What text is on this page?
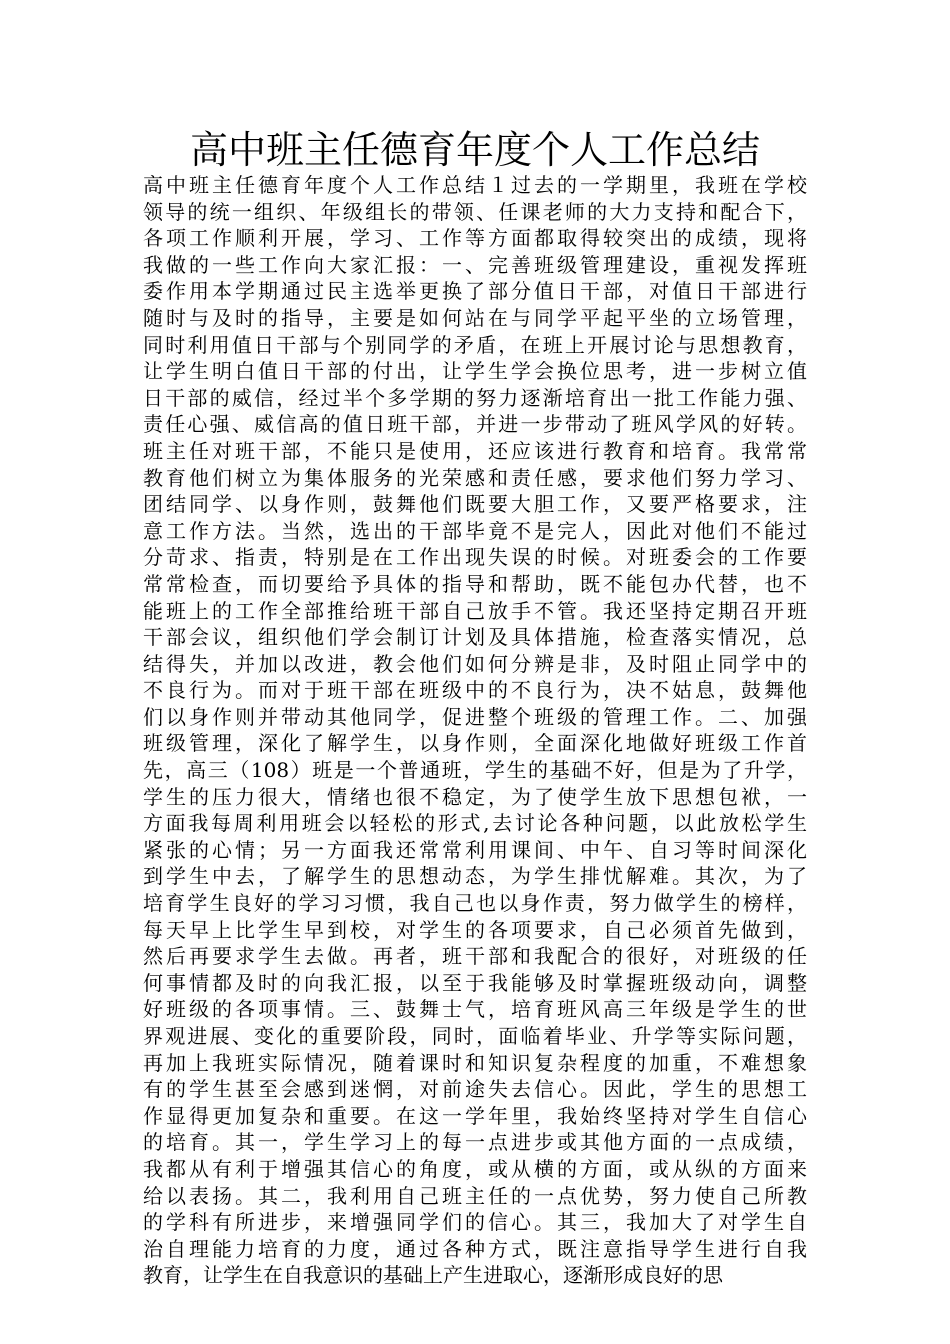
高中班主任德育年度个人工作总结
高中班主任德育年度个人工作总结１过去的一学期里，我班在学校
领导的统一组织、年级组长的带领、任课老师的大力支持和配合下，
各项工作顺利开展，学习、工作等方面都取得较突出的成绩，现将
我做的一些工作向大家汇报：一、完善班级管理建设，重视发挥班
委作用本学期通过民主选举更换了部分值日干部，对值日干部进行
随时与及时的指导，主要是如何站在与同学平起平坐的立场管理，
同时利用值日干部与个别同学的矛盾，在班上开展讨论与思想教育，
让学生明白值日干部的付出，让学生学会换位思考，进一步树立值
日干部的威信，经过半个多学期的努力逐渐培育出一批工作能力强、
责任心强、威信高的值日班干部，并进一步带动了班风学风的好转。
班主任对班干部，不能只是使用，还应该进行教育和培育。我常常
教育他们树立为集体服务的光荣感和责任感，要求他们努力学习、
团结同学、以身作则，鼓舞他们既要大胆工作，又要严格要求，注
意工作方法。当然，选出的干部毕竟不是完人，因此对他们不能过
分苛求、指责，特别是在工作出现失误的时候。对班委会的工作要
常常检查，而切要给予具体的指导和帮助，既不能包办代替，也不
能班上的工作全部推给班干部自己放手不管。我还坚持定期召开班
干部会议，组织他们学会制订计划及具体措施，检查落实情况，总
结得失，并加以改进，教会他们如何分辨是非，及时阻止同学中的
不良行为。而对于班干部在班级中的不良行为，决不姑息，鼓舞他
们以身作则并带动其他同学，促进整个班级的管理工作。二、加强
班级管理，深化了解学生，以身作则，全面深化地做好班级工作首
先，高三（108）班是一个普通班，学生的基础不好，但是为了升学，
学生的压力很大，情绪也很不稳定，为了使学生放下思想包袱，一
方面我每周利用班会以轻松的形式,去讨论各种问题，以此放松学生
紧张的心情；另一方面我还常常利用课间、中午、自习等时间深化
到学生中去，了解学生的思想动态，为学生排忧解难。其次，为了
培育学生良好的学习习惯，我自己也以身作责，努力做学生的榜样，
每天早上比学生早到校，对学生的各项要求，自己必须首先做到，
然后再要求学生去做。再者，班干部和我配合的很好，对班级的任
何事情都及时的向我汇报，以至于我能够及时掌握班级动向，调整
好班级的各项事情。三、鼓舞士气，培育班风高三年级是学生的世
界观进展、变化的重要阶段，同时，面临着毕业、升学等实际问题，
再加上我班实际情况，随着课时和知识复杂程度的加重，不难想象
有的学生甚至会感到迷惘，对前途失去信心。因此，学生的思想工
作显得更加复杂和重要。在这一学年里，我始终坚持对学生自信心
的培育。其一，学生学习上的每一点进步或其他方面的一点成绩，
我都从有利于增强其信心的角度，或从横的方面，或从纵的方面来
给以表扬。其二，我利用自己班主任的一点优势，努力使自己所教
的学科有所进步，来增强同学们的信心。其三，我加大了对学生自
治自理能力培育的力度，通过各种方式，既注意指导学生进行自我
教育，让学生在自我意识的基础上产生进取心，逐渐形成良好的思
